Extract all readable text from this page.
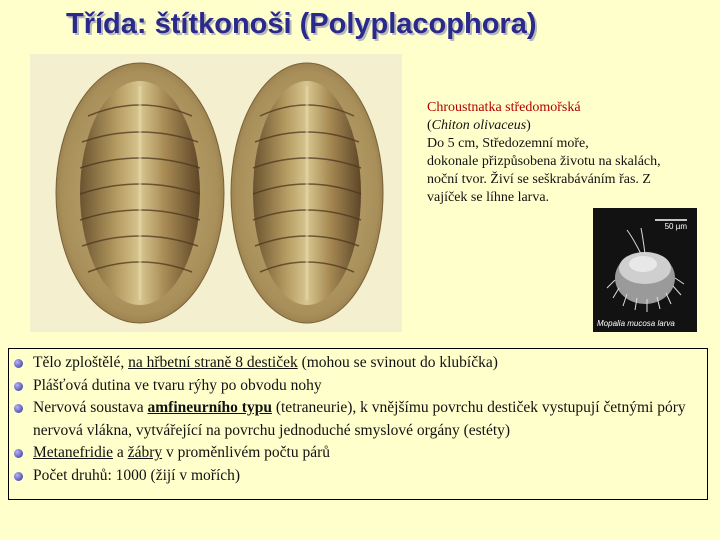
Třída: štítkonoši (Polyplacophora)
Chroustnatka středomořská
(Chiton olivaceus)
Do 5 cm, Středozemní moře,
dokonale přizpůsobena životu na skalách,
noční tvor. Živí se seškrabáváním řas. Z
vajíček se líhne larva.
50 µm
Mopalia mucosa larva
Tělo zploštělé, na hřbetní straně 8 destiček (mohou se svinout do klubíčka)
Plášťová dutina ve tvaru rýhy po obvodu nohy
Nervová soustava amfineurního typu (tetraneurie), k vnějšímu povrchu destiček vystupují četnými póry nervová vlákna, vytvářející na povrchu jednoduché smyslové orgány (estéty)
Metanefridie a žábry v proměnlivém počtu párů
Počet druhů: 1000 (žijí v mořích)
